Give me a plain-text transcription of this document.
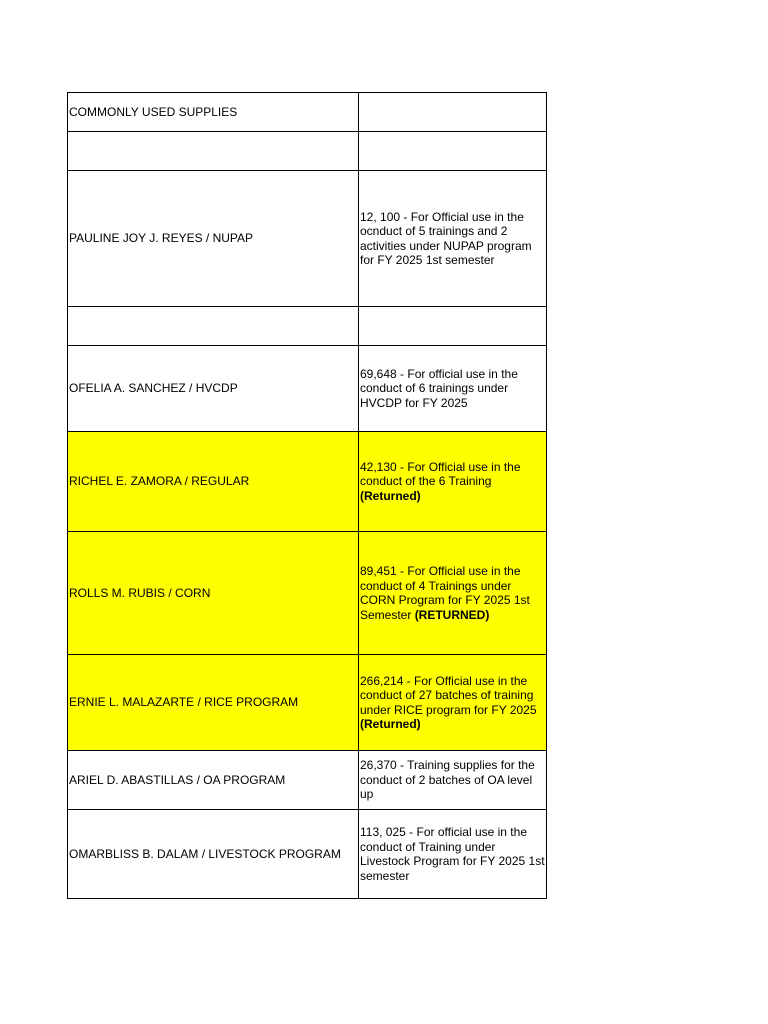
COMMONLY USED SUPPLIES	

PAULINE JOY J. REYES / NUPAP	12, 100 - For Official use in the ocnduct of 5 trainings and 2 activities under NUPAP program for FY 2025 1st semester

OFELIA A. SANCHEZ / HVCDP	69,648 - For official use in the conduct of 6 trainings under HVCDP for FY 2025
RICHEL E. ZAMORA / REGULAR	42,130 - For Official use in the conduct of the 6 Training (Returned)
ROLLS M. RUBIS / CORN	89,451 - For Official use in the conduct of 4 Trainings under CORN Program for FY 2025 1st Semester (RETURNED)
ERNIE L. MALAZARTE / RICE PROGRAM	266,214 - For Official use in the conduct of 27 batches of training under RICE program for FY 2025 (Returned)
ARIEL D. ABASTILLAS / OA PROGRAM	26,370 - Training supplies for the conduct of 2 batches of OA level up
OMARBLISS B. DALAM / LIVESTOCK PROGRAM	113, 025 - For official use in the conduct of Training under Livestock Program for FY 2025 1st semester
